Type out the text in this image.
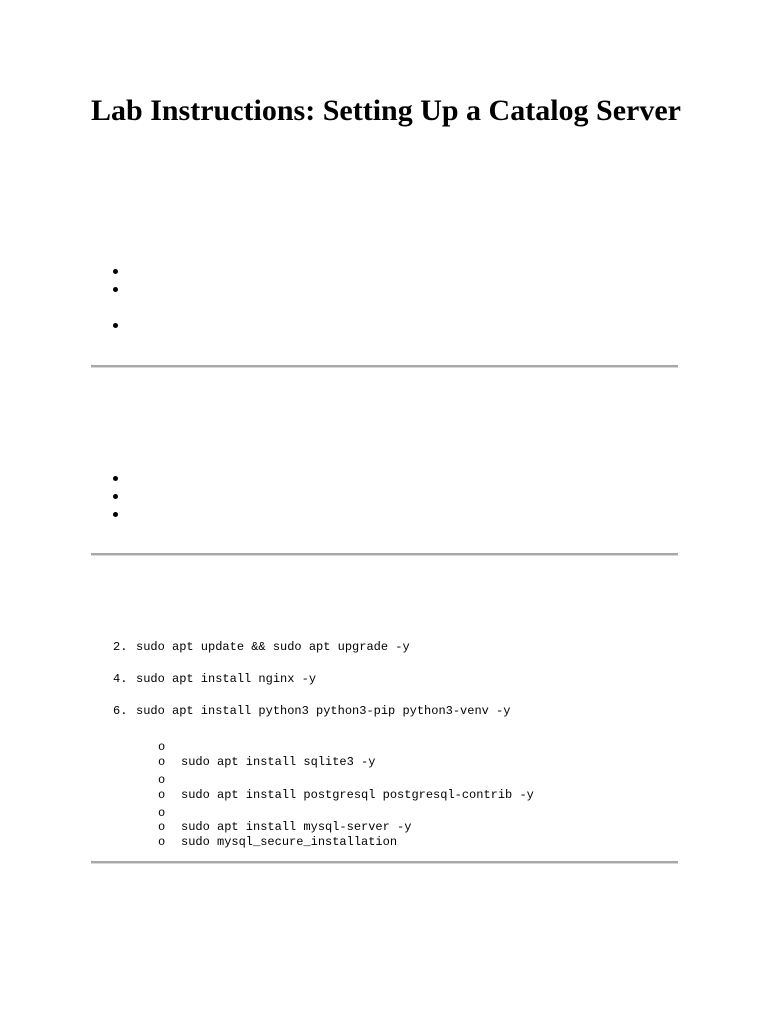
Lab Instructions: Setting Up a Catalog Server
2. sudo apt update && sudo apt upgrade -y
4. sudo apt install nginx -y
6. sudo apt install python3 python3-pip python3-venv -y
o
o sudo apt install sqlite3 -y
o
o sudo apt install postgresql postgresql-contrib -y
o
o sudo apt install mysql-server -y
o sudo mysql_secure_installation
